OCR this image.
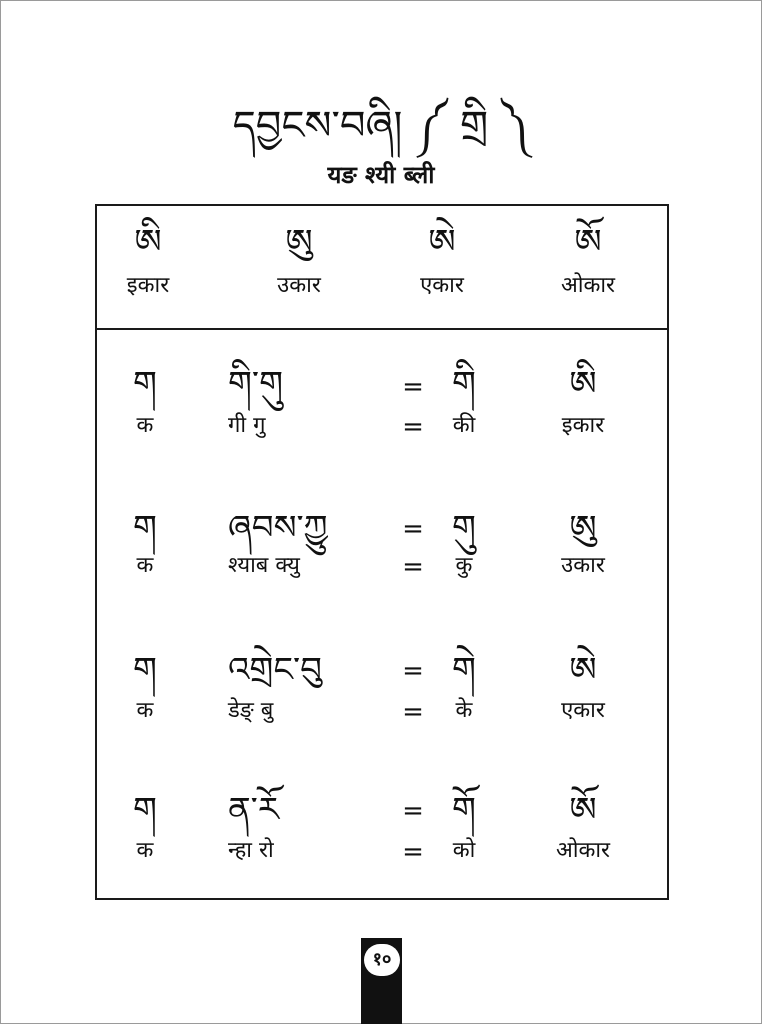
དབྱངས་བཞི། ༼ གྲི ༽
यङ श्यी ब्ली
ཨི
इकार
ཨུ
उकार
ཨེ
एकार
ཨོ
ओकार
ག
क
གི་གུ
गी गु
=
=
གི
की
ཨི
इकार
ག
क
ཞབས་ཀྱུ
श्याब क्यु
=
=
གུ
कु
ཨུ
उकार
ག
क
འགྲེང་བུ
डेङ् बु
=
=
གེ
के
ཨེ
एकार
ག
क
ན་རོ
न्हा रो
=
=
གོ
को
ཨོ
ओकार
१०
